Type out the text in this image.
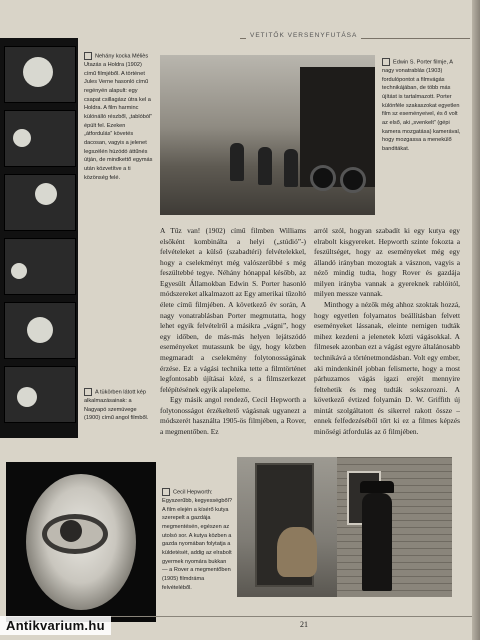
VETITŐK VERSENYFUTÁSA
Nehány kocka Méliès Utazás a Holdra (1902) című filmjéből. A történet Jules Verne hasonló című regényén alapult: egy csapat csillagász útra kel a Holdra. A film harminc különálló részből, „tablóból” épült fel. Ezeken „átfordulás” követés dacosan, vagyis a jelenet legszélén húzódó áttűnés útján, de mindkettő egymás után közvetítve a ti közönség felé.
Edwin S. Porter filmje, A nagy vonatrablás (1903) fordulópontot a filmvágás technikájában, de több más újítást is tartalmazott. Porter különféle szakaszokat egyetlen film sz eseményeivel, és ő volt az első, aki „svenkelt” (gépi kamera mozgatása) kamerával, hogy mozgassa a menekülő banditákat.

A Tűz van! (1902) című filmben Williams elsőként kombinálta a helyi („stúdió”-) felvételeket a külső (szabadtéri) felvételekkel, hogy a cselekményt még valószerűbbé s még feszültebbé tegye. Néhány hónappal később, az Egyesült Államokban Edwin S. Porter hasonló módszereket alkalmazott az Egy amerikai tűzoltó élete című filmjében. A következő év során, A nagy vonatrablásban Porter megmutatta, hogy lehet egyik felvételről a másikra „vágni”, hogy egy időben, de más-más helyen lejátszódó eseményeket mutassunk be úgy, hogy közben megmaradt a cselekmény folytonosságának érzése. Ez a vágási technika tette a filmtörténet legfontosabb újításai közé, s a filmszerkezet felépítésének egyik alapeleme.

Egy másik angol rendező, Cecil Hepworth a folytonosságot érzékeltető vágásnak ugyanezt a módszerét használta 1905-ös filmjében, a Rover, a megmentőben. Ez

arról szól, hogyan szabadít ki egy kutya egy elrabolt kisgyereket. Hepworth szinte fokozta a feszültséget, hogy az eseményeket még egy állandó irányban mozogtak a vásznon, vagyis a néző mindig tudta, hogy Rover és gazdája milyen irányba vannak a gyereknek rablóitól, milyen messze vannak.

Minthogy a nézők még ahhoz szoktak hozzá, hogy egyetlen folyamatos beállításban felvett eseményeket lássanak, eleinte nemigen tudták mihez kezdeni a jelenetek közti vágásokkal. A filmesek azonban ezt a vágást egyre általánosabb technikává a történetmondásban. Volt egy ember, aki mindenkinél jobban felismerte, hogy a most párhuzamos vágás igazi erejét mennyire feltehetik és meg tudták sokszorozni. A következő évtized folyamán D. W. Griffith új mintát szolgáltatott és sikerrel rakott össze – ennek felfedezéséből tőrt ki ez a filmes képzés minőségi átfordulás az ő filmjében.

A tükörben látott kép alkalmazásainak: a Nagyapó szemüvege (1900) című angol filmből.
Cecil Hepworth: Egyszerűbb, kegyességből? A film elején a kísérő kutya szerepelt a gazdája megmentésén, egészen az utolsó sor. A kutya közben a gazda nyomában folytatja a küldetését, addig az elrabolt gyermek nyomára bukkan — a Rover a megmentőben (1905) filmdráma felvételéből.
21
Antikvarium.hu
